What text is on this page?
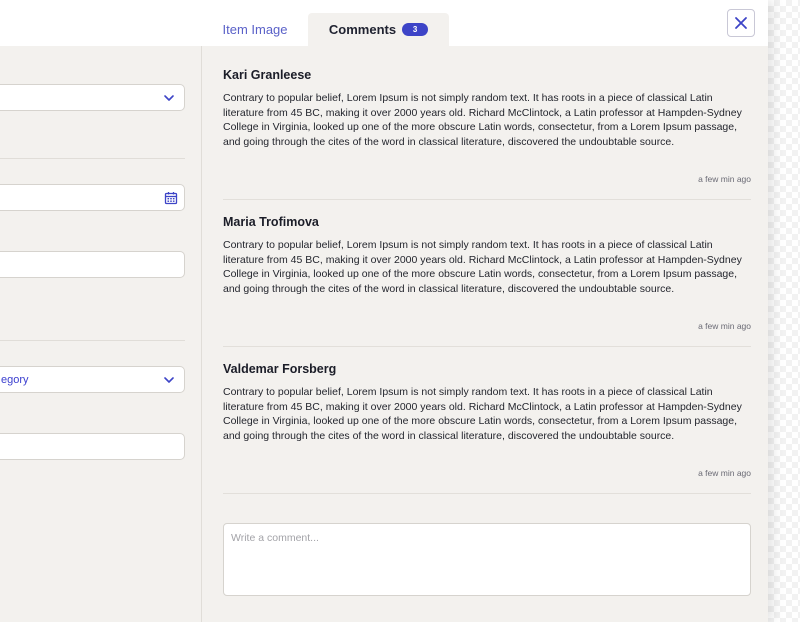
egory
Item Image	Comments	3
Kari Granleese
Contrary to popular belief, Lorem Ipsum is not simply random text. It has roots in a piece of classical Latin literature from 45 BC, making it over 2000 years old. Richard McClintock, a Latin professor at Hampden-Sydney College in Virginia, looked up one of the more obscure Latin words, consectetur, from a Lorem Ipsum passage, and going through the cites of the word in classical literature, discovered the undoubtable source.
a few min ago
Maria Trofimova
Contrary to popular belief, Lorem Ipsum is not simply random text. It has roots in a piece of classical Latin literature from 45 BC, making it over 2000 years old. Richard McClintock, a Latin professor at Hampden-Sydney College in Virginia, looked up one of the more obscure Latin words, consectetur, from a Lorem Ipsum passage, and going through the cites of the word in classical literature, discovered the undoubtable source.
a few min ago
Valdemar Forsberg
Contrary to popular belief, Lorem Ipsum is not simply random text. It has roots in a piece of classical Latin literature from 45 BC, making it over 2000 years old. Richard McClintock, a Latin professor at Hampden-Sydney College in Virginia, looked up one of the more obscure Latin words, consectetur, from a Lorem Ipsum passage, and going through the cites of the word in classical literature, discovered the undoubtable source.
a few min ago
Write a comment...
